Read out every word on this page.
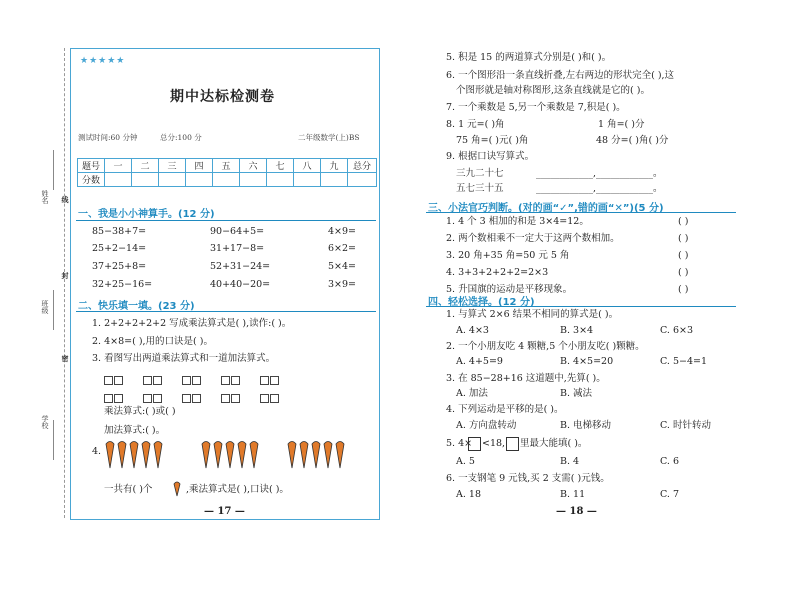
姓名
班级
学校
线
封
密
★★★★★
期中达标检测卷
测试时间:60 分钟	总分:100 分	二年级数学(上)BS
题号	一	二	三	四	五	六	七	八	九	总分
分数										
一、我是小小神算手。(12 分)
85−38+7=	90−64+5=	4×9=
25+2−14=	31+17−8=	6×2=
37+25+8=	52+31−24=	5×4=
32+25−16=	40+40−20=	3×9=
二、快乐填一填。(23 分)
1. 2+2+2+2+2 写成乘法算式是( ),读作:( )。
2. 4×8=( ),用的口诀是( )。
3. 看图写出两道乘法算式和一道加法算式。

乘法算式:( )或( )
加法算式:( )。
4.
一共有( )个	,乘法算式是( ),口诀( )。
— 17 —
5. 积是 15 的两道算式分别是( )和( )。
6. 一个图形沿一条直线折叠,左右两边的形状完全( ),这
个图形就是轴对称图形,这条直线就是它的( )。
7. 一个乘数是 5,另一个乘数是 7,积是( )。
8. 1 元=( )角	1 角=( )分
75 角=( )元( )角	48 分=( )角( )分
9. 根据口诀写算式。
三九二十七	____________,____________。
五七三十五	____________,____________。
三、小法官巧判断。(对的画“✓”,错的画“✕”)(5 分)
1. 4 个 3 相加的和是 3×4=12。	( )
2. 两个数相乘不一定大于这两个数相加。	( )
3. 20 角+35 角=50 元 5 角	( )
4. 3+3+2+2+2=2×3	( )
5. 升国旗的运动是平移现象。	( )
四、轻松选择。(12 分)
1. 与算式 2×6 结果不相同的算式是( )。
A. 4×3	B. 3×4	C. 6×3
2. 一个小朋友吃 4 颗糖,5 个小朋友吃( )颗糖。
A. 4+5=9	B. 4×5=20	C. 5−4=1
3. 在 85−28+16 这道题中,先算( )。
A. 加法	B. 减法
4. 下列运动是平移的是( )。
A. 方向盘转动	B. 电梯移动	C. 时针转动
5. 4× <18, 里最大能填( )。
A. 5	B. 4	C. 6
6. 一支钢笔 9 元钱,买 2 支需( )元钱。
A. 18	B. 11	C. 7
— 18 —
